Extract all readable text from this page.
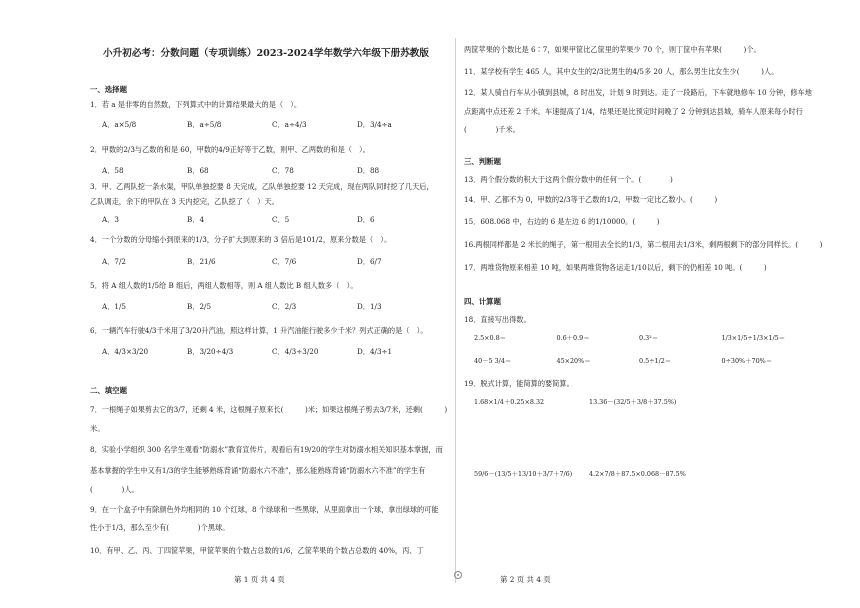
小升初必考：分数问题（专项训练）2023-2024学年数学六年级下册苏教版
一、选择题
二、填空题
1．若 a 是非零的自然数，下列算式中的计算结果最大的是（　）。
A．a×5/8	B．a÷5/8	C．a÷4/3	D．3/4÷a
2．甲数的2/3与乙数的和是 60，甲数的4/9正好等于乙数，则甲、乙两数的和是（　）。
A．58	B．68	C．78	D．88
3．甲、乙两队挖一条水渠，甲队单独挖要 8 天完成，乙队单独挖要 12 天完成，现在两队同时挖了几天后，
乙队调走，余下的甲队在 3 天内挖完，乙队挖了（　）天。
A．3	B．4	C．5	D．6
4．一个分数的分母缩小到原来的1/3，分子扩大到原来的 3 倍后是101/2，原来分数是（　）。
A．7/2	B．21/6	C．7/6	D．6/7
5．将 A 组人数的1/5给 B 组后，两组人数相等，则 A 组人数比 B 组人数多（　）。
A．1/5	B．2/5	C．2/3	D．1/3
6．一辆汽车行驶4/3千米用了3/20升汽油，照这样计算，1 升汽油能行驶多少千米？列式正确的是（　）。
A．4/3×3/20	B．3/20÷4/3	C．4/3÷3/20	D．4/3÷1
7．一根绳子如果剪去它的3/7，还剩 4 米，这根绳子原来长(　　　)米；如果这根绳子剪去3/7米，还剩(　　　)
米。
8．实验小学组织 300 名学生观看“防溺水”教育宣传片，观看后有19/20的学生对防溺水相关知识基本掌握，而
基本掌握的学生中又有1/3的学生能够熟练背诵“防溺水六不准”，那么能熟练背诵“防溺水六不准”的学生有
(　　　　)人。
9．在一个盒子中有除颜色外均相同的 10 个红球，8 个绿球和一些黑球，从里面拿出一个球，拿出绿球的可能
性小于1/3，那么至少有(　　　　)个黑球。
10．有甲、乙、丙、丁四筐苹果，甲筐苹果的个数占总数的1/6，乙筐苹果的个数占总数的 40%，丙、丁
三、判断题
四、计算题
2.5×0.8＝	0.6＋0.9＝	0.3²＝	1/3×1/5÷1/3×1/5＝
40－5 3/4＝	45×20%＝	0.5÷1/2＝	0÷30%＋70%＝
1.68×1/4＋0.25×8.32	13.36－(32/5＋3/8＋37.5%)
59/6－(13/5＋13/10＋3/7＋7/6)	4.2×7/8＋87.5×0.068－87.5%
两筐苹果的个数比是 6∶7，如果甲筐比乙筐里的苹果少 70 个，则丁筐中有苹果(　　　)个。
11．某学校有学生 465 人，其中女生的2/3比男生的4/5多 20 人，那么男生比女生少(　　　)人。
12．某人骑自行车从小镇到县城，8 时出发，计划 9 时到达。走了一段路后，下车就地修车 10 分钟，修车地
点距离中点还差 2 千米。车速提高了1/4，结果还是比预定时间晚了 2 分钟到达县城，骑车人原来每小时行
(　　　　)千米。
13．两个假分数的积大于这两个假分数中的任何一个。(　　　　)
14．甲、乙都不为 0，甲数的2/3等于乙数的1/2，甲数一定比乙数小。(　　　)
15．608.068 中，右边的 6 是左边 6 的1/10000。(　　　)
16.两根同样都是 2 米长的绳子，第一根用去全长的1/3，第二根用去1/3米，剩两根剩下的部分同样长。(　　　)
17．两堆货物原来相差 10 吨，如果两堆货物各运走1/10以后，剩下的仍相差 10 吨。(　　　)
18．直接写出得数。
19．脱式计算，能简算的要简算。
第 1 页 共 4 页	第 2 页 共 4 页
